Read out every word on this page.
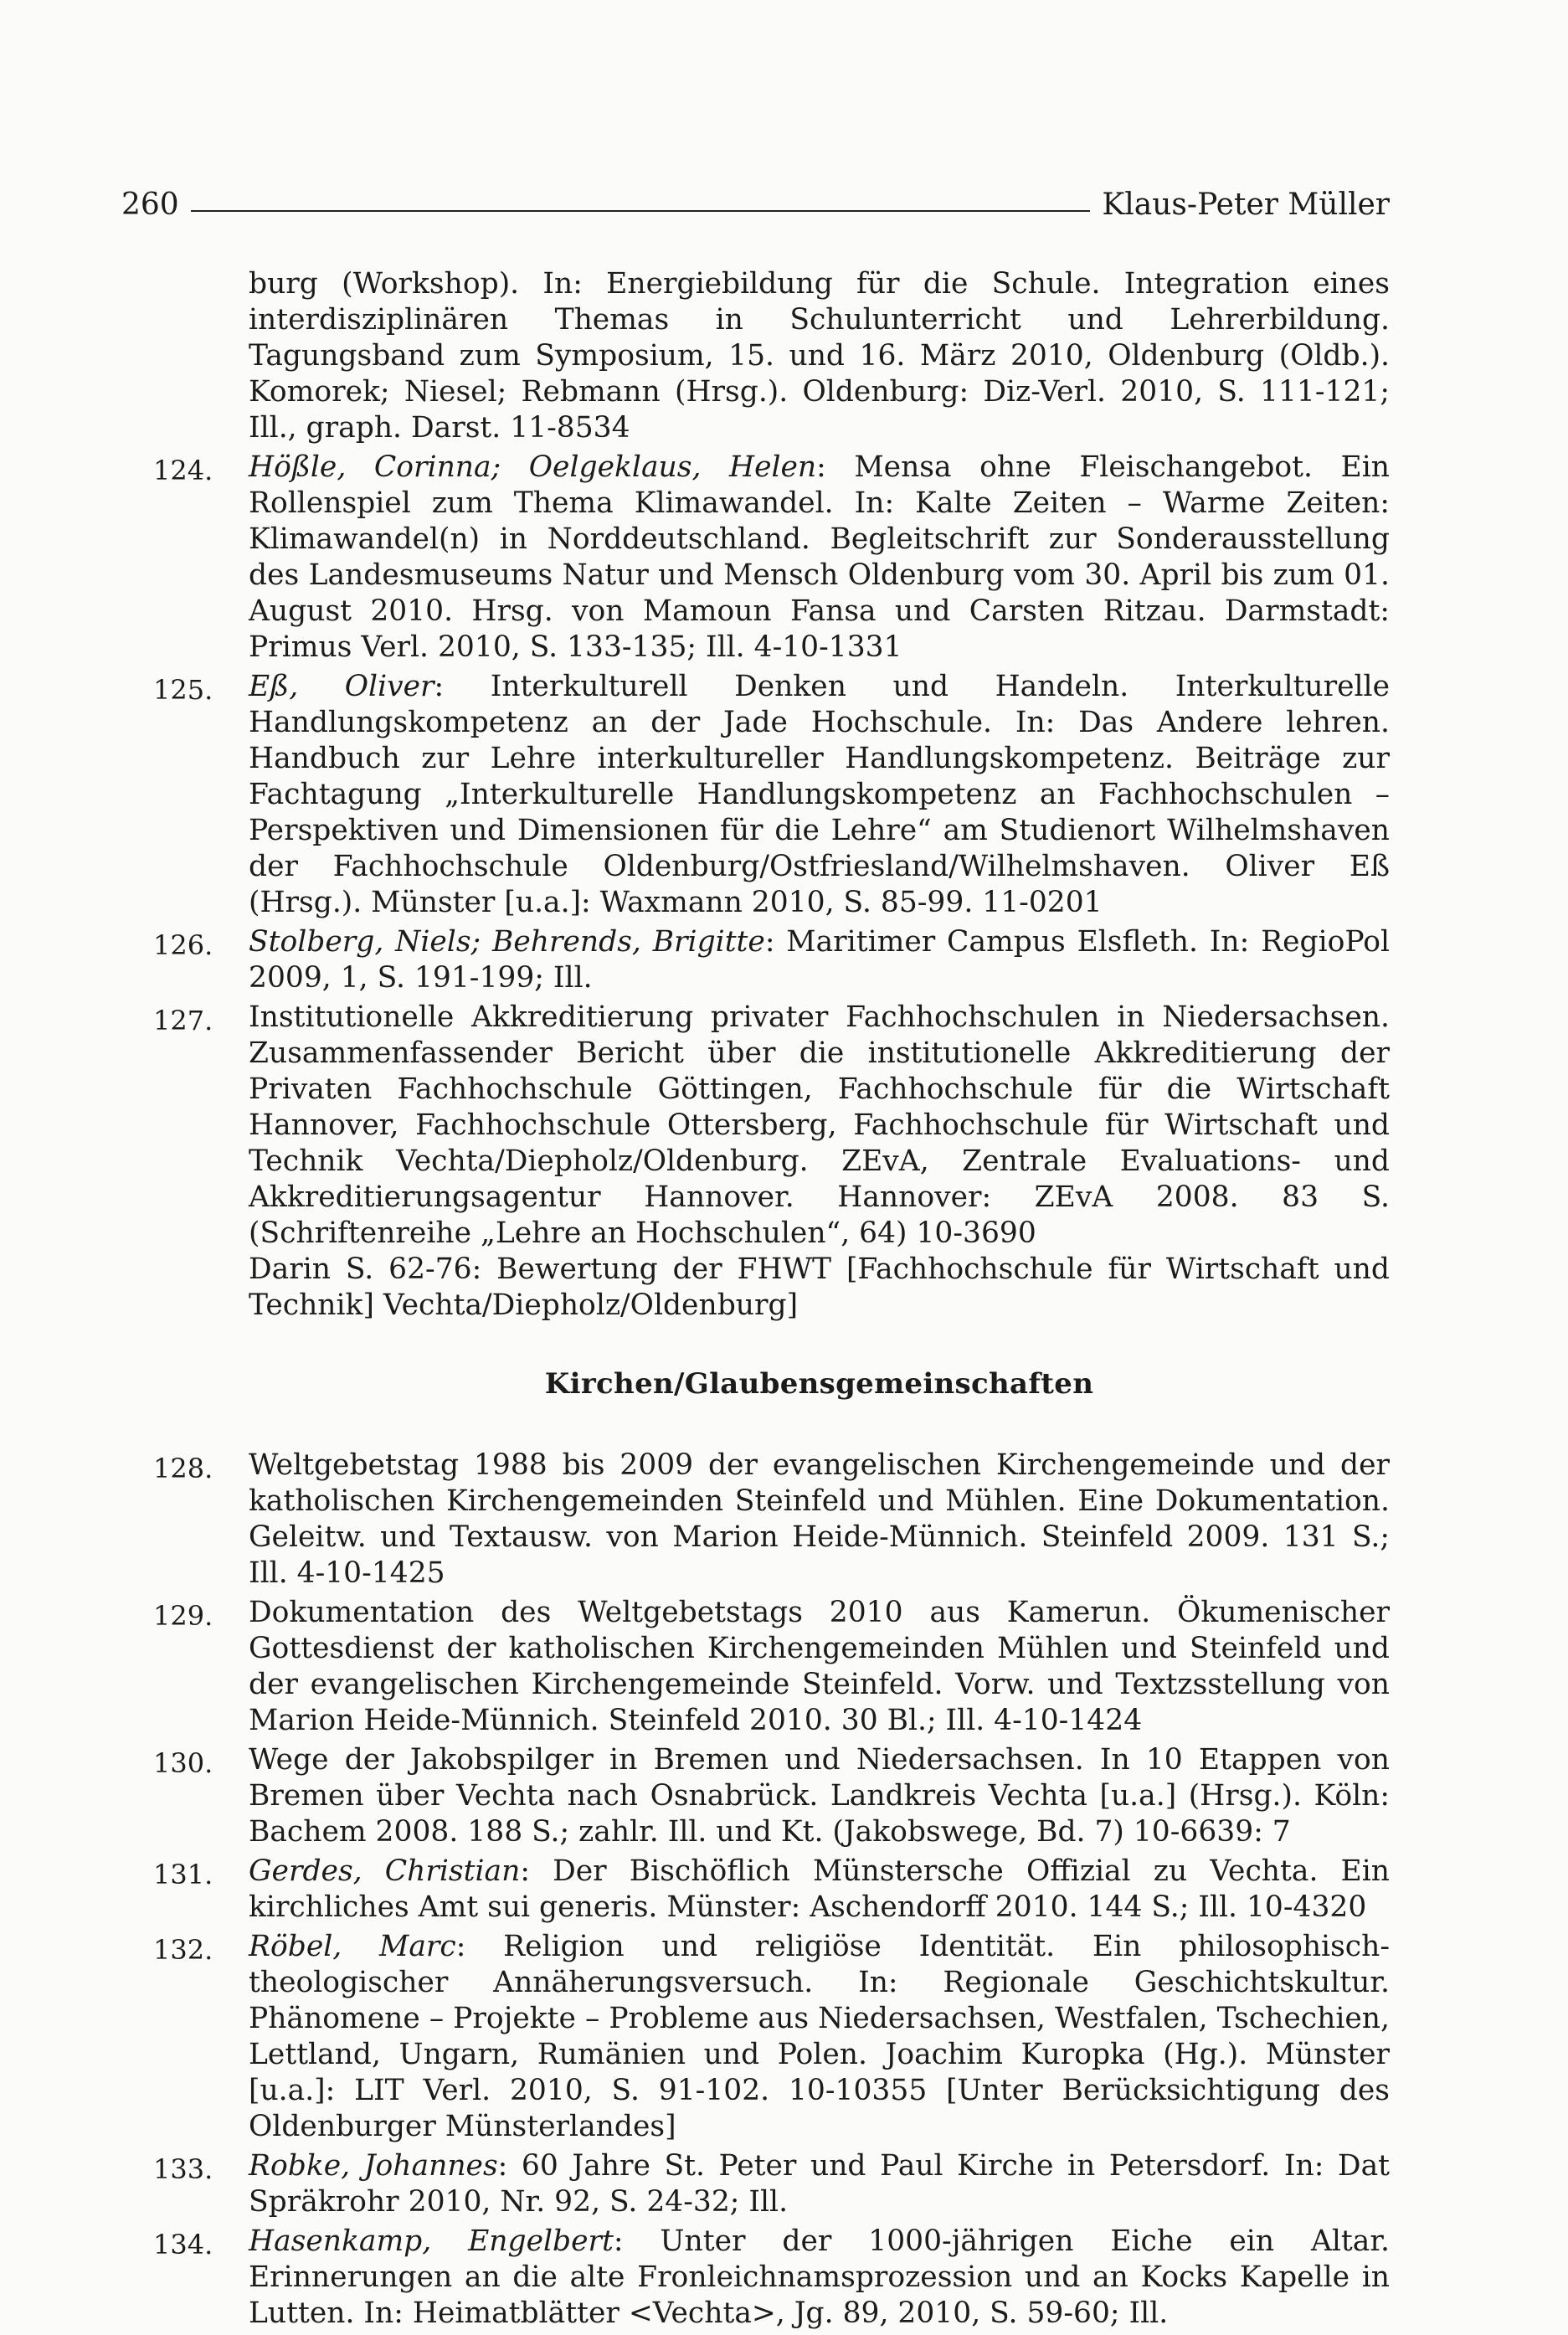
260	Klaus-Peter Müller
burg (Workshop). In: Energiebildung für die Schule. Integration eines interdisziplinären Themas in Schulunterricht und Lehrerbildung. Tagungsband zum Symposium, 15. und 16. März 2010, Oldenburg (Oldb.). Komorek; Niesel; Rebmann (Hrsg.). Oldenburg: Diz-Verl. 2010, S. 111-121; Ill., graph. Darst. 11-8534
124. Hößle, Corinna; Oelgeklaus, Helen: Mensa ohne Fleischangebot. Ein Rollenspiel zum Thema Klimawandel. In: Kalte Zeiten – Warme Zeiten: Klimawandel(n) in Norddeutschland. Begleitschrift zur Sonderausstellung des Landesmuseums Natur und Mensch Oldenburg vom 30. April bis zum 01. August 2010. Hrsg. von Mamoun Fansa und Carsten Ritzau. Darmstadt: Primus Verl. 2010, S. 133-135; Ill. 4-10-1331
125. Eß, Oliver: Interkulturell Denken und Handeln. Interkulturelle Handlungskompetenz an der Jade Hochschule. In: Das Andere lehren. Handbuch zur Lehre interkultureller Handlungskompetenz. Beiträge zur Fachtagung „Interkulturelle Handlungskompetenz an Fachhochschulen – Perspektiven und Dimensionen für die Lehre“ am Studienort Wilhelmshaven der Fachhochschule Oldenburg/Ostfriesland/Wilhelmshaven. Oliver Eß (Hrsg.). Münster [u.a.]: Waxmann 2010, S. 85-99. 11-0201
126. Stolberg, Niels; Behrends, Brigitte: Maritimer Campus Elsfleth. In: RegioPol 2009, 1, S. 191-199; Ill.
127. Institutionelle Akkreditierung privater Fachhochschulen in Niedersachsen. Zusammenfassender Bericht über die institutionelle Akkreditierung der Privaten Fachhochschule Göttingen, Fachhochschule für die Wirtschaft Hannover, Fachhochschule Ottersberg, Fachhochschule für Wirtschaft und Technik Vechta/Diepholz/Oldenburg. ZEvA, Zentrale Evaluations- und Akkreditierungsagentur Hannover. Hannover: ZEvA 2008. 83 S. (Schriftenreihe „Lehre an Hochschulen“, 64) 10-3690
Darin S. 62-76: Bewertung der FHWT [Fachhochschule für Wirtschaft und Technik] Vechta/Diepholz/Oldenburg]
Kirchen/Glaubensgemeinschaften
128. Weltgebetstag 1988 bis 2009 der evangelischen Kirchengemeinde und der katholischen Kirchengemeinden Steinfeld und Mühlen. Eine Dokumentation. Geleitw. und Textausw. von Marion Heide-Münnich. Steinfeld 2009. 131 S.; Ill. 4-10-1425
129. Dokumentation des Weltgebetstags 2010 aus Kamerun. Ökumenischer Gottesdienst der katholischen Kirchengemeinden Mühlen und Steinfeld und der evangelischen Kirchengemeinde Steinfeld. Vorw. und Textzsstellung von Marion Heide-Münnich. Steinfeld 2010. 30 Bl.; Ill. 4-10-1424
130. Wege der Jakobspilger in Bremen und Niedersachsen. In 10 Etappen von Bremen über Vechta nach Osnabrück. Landkreis Vechta [u.a.] (Hrsg.). Köln: Bachem 2008. 188 S.; zahlr. Ill. und Kt. (Jakobswege, Bd. 7) 10-6639: 7
131. Gerdes, Christian: Der Bischöflich Münstersche Offizial zu Vechta. Ein kirchliches Amt sui generis. Münster: Aschendorff 2010. 144 S.; Ill. 10-4320
132. Röbel, Marc: Religion und religiöse Identität. Ein philosophisch-theologischer Annäherungsversuch. In: Regionale Geschichtskultur. Phänomene – Projekte – Probleme aus Niedersachsen, Westfalen, Tschechien, Lettland, Ungarn, Rumänien und Polen. Joachim Kuropka (Hg.). Münster [u.a.]: LIT Verl. 2010, S. 91-102. 10-10355 [Unter Berücksichtigung des Oldenburger Münsterlandes]
133. Robke, Johannes: 60 Jahre St. Peter und Paul Kirche in Petersdorf. In: Dat Spräkrohr 2010, Nr. 92, S. 24-32; Ill.
134. Hasenkamp, Engelbert: Unter der 1000-jährigen Eiche ein Altar. Erinnerungen an die alte Fronleichnamsprozession und an Kocks Kapelle in Lutten. In: Heimatblätter <Vechta>, Jg. 89, 2010, S. 59-60; Ill.
